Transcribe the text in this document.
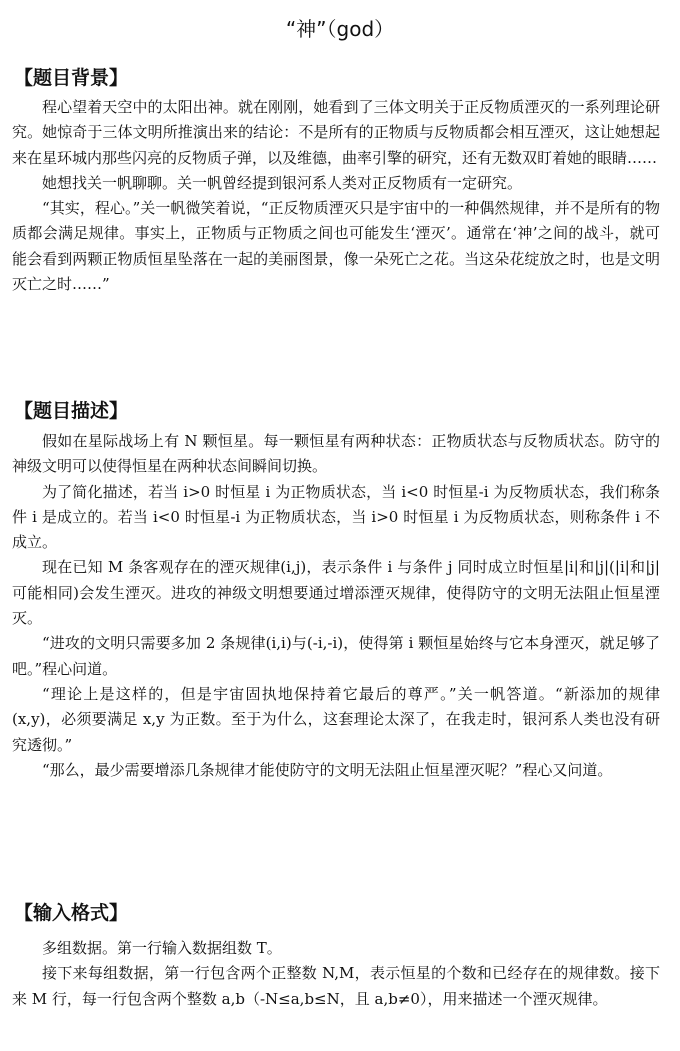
“神”（god）
【题目背景】

程心望着天空中的太阳出神。就在刚刚，她看到了三体文明关于正反物质湮灭的一系列理论研究。她惊奇于三体文明所推演出来的结论：不是所有的正物质与反物质都会相互湮灭，这让她想起来在星环城内那些闪亮的反物质子弹，以及维德，曲率引擎的研究，还有无数双盯着她的眼睛……

她想找关一帆聊聊。关一帆曾经提到银河系人类对正反物质有一定研究。

“其实，程心。”关一帆微笑着说，“正反物质湮灭只是宇宙中的一种偶然规律，并不是所有的物质都会满足规律。事实上，正物质与正物质之间也可能发生‘湮灭’。通常在‘神’之间的战斗，就可能会看到两颗正物质恒星坠落在一起的美丽图景，像一朵死亡之花。当这朵花绽放之时，也是文明灭亡之时……”

【题目描述】

假如在星际战场上有 N 颗恒星。每一颗恒星有两种状态：正物质状态与反物质状态。防守的神级文明可以使得恒星在两种状态间瞬间切换。

为了简化描述，若当 i>0 时恒星 i 为正物质状态，当 i<0 时恒星-i 为反物质状态，我们称条件 i 是成立的。若当 i<0 时恒星-i 为正物质状态，当 i>0 时恒星 i 为反物质状态，则称条件 i 不成立。

现在已知 M 条客观存在的湮灭规律(i,j)，表示条件 i 与条件 j 同时成立时恒星|i|和|j|(|i|和|j|可能相同)会发生湮灭。进攻的神级文明想要通过增添湮灭规律，使得防守的文明无法阻止恒星湮灭。

“进攻的文明只需要多加 2 条规律(i,i)与(-i,-i)，使得第 i 颗恒星始终与它本身湮灭，就足够了吧。”程心问道。

“理论上是这样的，但是宇宙固执地保持着它最后的尊严。”关一帆答道。“新添加的规律(x,y)，必须要满足 x,y 为正数。至于为什么，这套理论太深了，在我走时，银河系人类也没有研究透彻。”

“那么，最少需要增添几条规律才能使防守的文明无法阻止恒星湮灭呢？”程心又问道。

【输入格式】

多组数据。第一行输入数据组数 T。

接下来每组数据，第一行包含两个正整数 N,M，表示恒星的个数和已经存在的规律数。接下来 M 行，每一行包含两个整数 a,b（-N≤a,b≤N，且 a,b≠0），用来描述一个湮灭规律。
